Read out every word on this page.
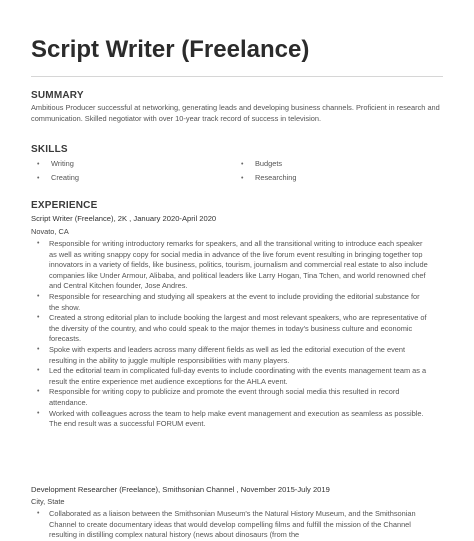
Script Writer (Freelance)
SUMMARY
Ambitious Producer successful at networking, generating leads and developing business channels. Proficient in research and communication. Skilled negotiator with over 10-year track record of success in television.
SKILLS
• Writing
• Creating
• Budgets
• Researching
EXPERIENCE
Script Writer (Freelance), 2K , January 2020-April 2020
Novato, CA
• Responsible for writing introductory remarks for speakers, and all the transitional writing to introduce each speaker as well as writing snappy copy for social media in advance of the live forum event resulting in bringing together top innovators in a variety of fields, like business, politics, tourism, journalism and commercial real estate to also include companies like Under Armour, Alibaba, and political leaders like Larry Hogan, Tina Tchen, and world renowned chef and Central Kitchen founder, Jose Andres.
• Responsible for researching and studying all speakers at the event to include providing the editorial substance for the show.
• Created a strong editorial plan to include booking the largest and most relevant speakers, who are representative of the diversity of the country, and who could speak to the major themes in today's business culture and economic forecasts.
• Spoke with experts and leaders across many different fields as well as led the editorial execution of the event resulting in the ability to juggle multiple responsibilities with many players.
• Led the editorial team in complicated full-day events to include coordinating with the events management team as a result the entire experience met audience exceptions for the AHLA event.
• Responsible for writing copy to publicize and promote the event through social media this resulted in record attendance.
• Worked with colleagues across the team to help make event management and execution as seamless as possible. The end result was a successful FORUM event.
Development Researcher (Freelance), Smithsonian Channel , November 2015-July 2019
City, State
• Collaborated as a liaison between the Smithsonian Museum's the Natural History Museum, and the Smithsonian Channel to create documentary ideas that would develop compelling films and fulfill the mission of the Channel resulting in distilling complex natural history (news about dinosaurs (from the
